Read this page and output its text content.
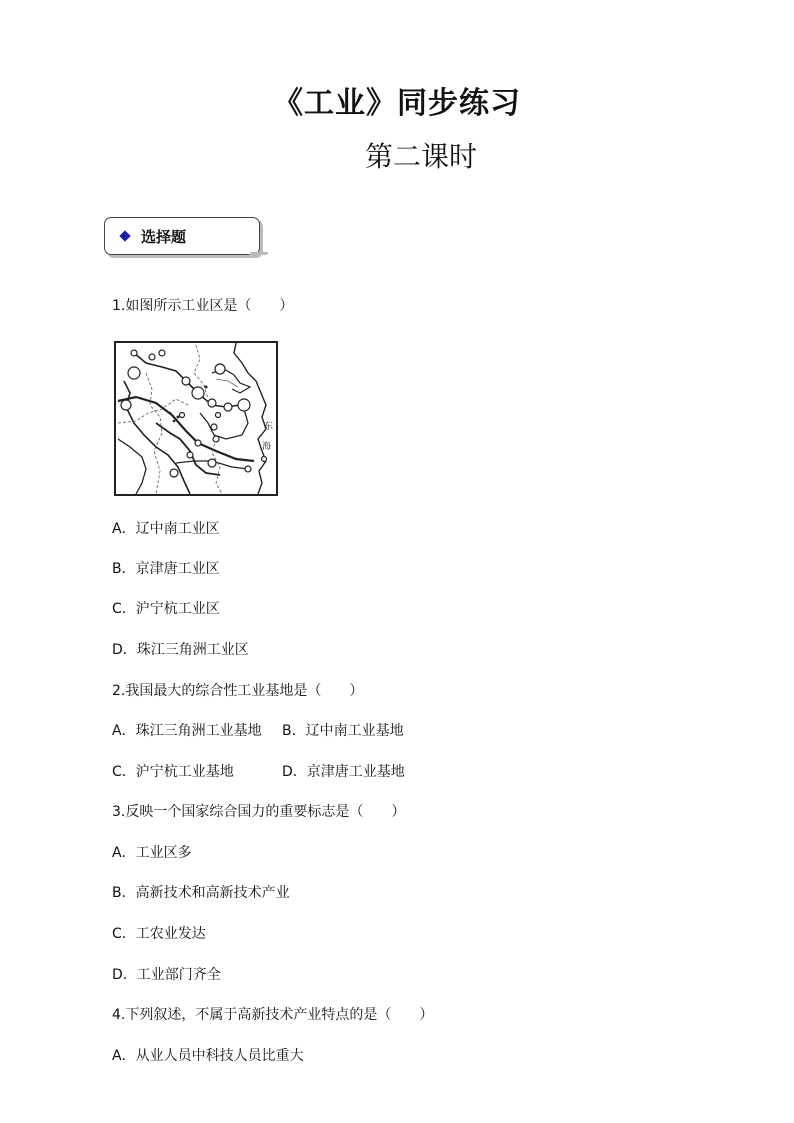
《工业》同步练习
第二课时
选择题
1.如图所示工业区是（　　）
东
海
A．辽中南工业区
B．京津唐工业区
C．沪宁杭工业区
D．珠江三角洲工业区
2.我国最大的综合性工业基地是（　　）
A．珠江三角洲工业基地 B．辽中南工业基地
C．沪宁杭工业基地	D．京津唐工业基地
3.反映一个国家综合国力的重要标志是（　　）
A．工业区多
B．高新技术和高新技术产业
C．工农业发达
D．工业部门齐全
4.下列叙述，不属于高新技术产业特点的是（　　）
A．从业人员中科技人员比重大
